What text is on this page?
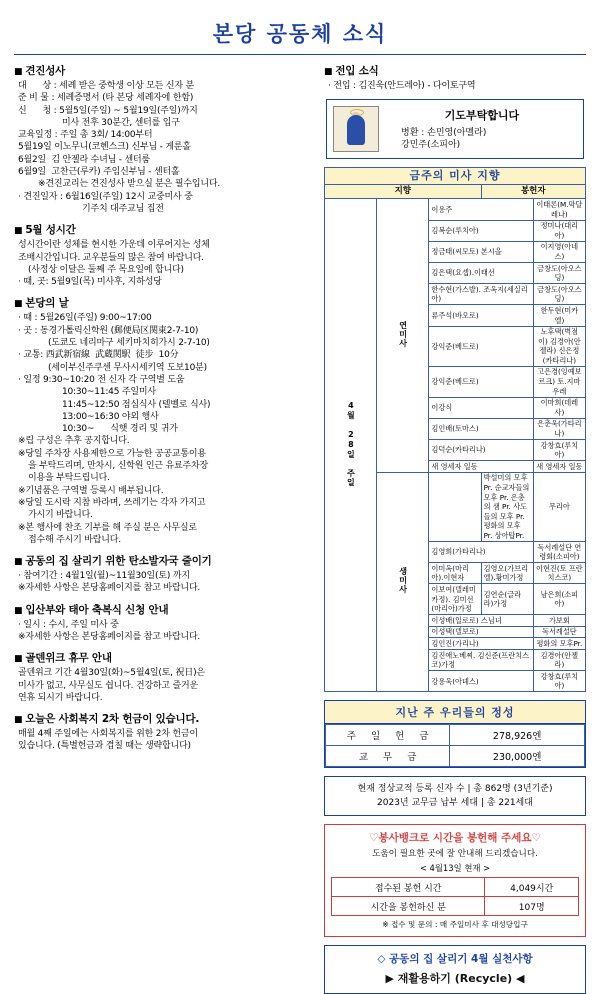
본당 공동체 소식
■ 견진성사
대      상 : 세례 받은 중학생 이상 모든 신자 분
준 비 물 : 세례증명서 (타 본당 세례자에 한함)
신      청 : 5월5일(주일) ~ 5월19일(주일)까지
미사 전후 30분간, 센터를 입구
교육일정 : 주일 총 3회/ 14:00부터
5월19일 이노무니(코헨스크) 신부님 - 게룬홀
6월2일  김 안젤라 수녀님 - 센터룸
6월9일  고찬근(루카) 주임신부님 - 센터홀
※견진교리는 견진성사 받으실 분은 필수입니다.
· 견진일자 : 6월16일(주일) 12시 교중미사 중
기주치 대주교님 집전
■ 5월 성시간
성시간이란 성체를 현시한 가운데 이루어지는 성체
조배시간입니다. 교우분들의 많은 참여 바랍니다.
(사정상 이달은 둘째 주 목요일에 합니다)
· 때, 곳: 5월9일(목) 미사후, 지하성당
■ 본당의 날
· 때 : 5월26일(주일) 9:00~17:00
· 곳 : 동경가톨릭신학원 (郵便局区関東2-7-10)
(도쿄도 네리마구 세키마치히가시 2-7-10)
· 교통: 西武新宿線  武蔵関駅  徒步  10分
(세이부신주쿠센 무사시세키역 도보10분)
· 일정 9:30~10:20 전 신자 각 구역별 도움
10:30~11:45 주일미사
11:45~12:50 점심식사 (텔벨로 식사)
13:00~16:30 야외 행사
10:30~      식햇 경리 및 귀가
※립 구성은 추후 공지합니다.
※당일 주차장 사용제한으로 가능한 공공교통이용
을 부탁드리며, 만차시, 신학원 인근 유료주차장
이용을 부탁드립니다.
※기념품은 구역별 등록시 배부됩니다.
※당일 도시락 지참 바라며, 쓰레기는 각자 가지고
가시기 바랍니다.
※본 행사에 찬조 기부를 해 주실 분은 사무실로
접수해 주시기 바랍니다.
■ 공동의 집 살리기 위한 탄소발자국 줄이기
· 참여기간 : 4월1일(월)~11월30일(토) 까지
※자세한 사항은 본당홈페이지를 참고 바랍니다.
■ 입산부와 태아 축복식 신청 안내
· 일시 : 수시, 주일 미사 중
※자세한 사항은 본당홈페이지를 참고 바랍니다.
■ 골덴위크 휴무 안내
골덴위크 기간 4월30일(화)~5월4일(토, 祝日)은
미사가 없고, 사무실도 쉽니다. 건강하고 즐거운
연휴 되시기 바랍니다.
■ 오늘은 사회복지 2차 헌금이 있습니다.
매월 4째 주일에는 사회복지를 위한 2차 헌금이
있습니다. (특별헌금과 겹칠 때는 생략합니다)
■ 전입 소식
· 전입 : 김진욱(안드레아) - 다이토구역
기도부탁합니다
병환 : 손민영(아멜라)
강민주(소피아)
금주의 미사 지향				
지향			봉헌자	
4월 28일 주일	연미사	이용주		이태론(M.막달레나)
		김복순(루치아)		정미나(대리아)
		정금태(씨모토) 본시을		이지영(아네스)
		김은택(요셉).이태선		금창도(아오스딩)
		한수현(가스발). 조옥지(세실리아)		금창도(아오스딩)
		류주석(바오로)		한두현(미카엘)
		강익준(베드로)		노후택(벽점이) 김경아(안젤라) 신은정(카타리나)
		강익준(베드로)		고은경(잉예보르크) 토.지마우레
		이강식		이마희(데레사)
		김인배(토마스)		은춘욱(가타리나)
		김덕순(카타리나)		강창효(루치아)
		새 영세자 일동		새 영세자 일동
	생미사		박설미의 모후 Pr. 순교자들의 모후 Pr. 은총의 샘 Pr. 사도들의 모후 Pr. 평화의 모후 Pr. 상아탑Pr.	무리아
		김영희(가타리나)		독서례설단 연령회(소피아)
		이미옥(마리아).이현자	김영오(가브리엘).황미가정	이현진(토 프란치스코)
		이보여(델레미카정). 김미선(마리아)가정	김연순(글라라)가정	남은희(소피아)
		이성배(일로로) 스님녀		가보회
		이성택(델보로)		독서례설단
		김인진(가리나)		평화의 모후Pr.
		김진애노베찌. 김신준(프란치스코)가정		김경아(안젤라)
		강용욱(아녜스)		강창효(루치아)
지난 주 우리들의 정성
주 일 헌 금	278,926엔
교 무 금	230,000엔
현재 정상교적 등록 신자 수 | 총 862명 (3년기준)
2023년 교무금 납부 세대 | 총 221세대
♡봉사뱅크로 시간을 봉헌해 주세요♡
도움이 필요한 곳에 잘 안내해 드리겠습니다.
< 4월13일 현재 >
접수된 봉헌 시간	4,049시간
시간을 봉헌하신 분	107명
※ 접수 및 문의 : 매 주일미사 후 대성당입구
◇ 공동의 집 살리기 4월 실천사항
▶ 재활용하기 (Recycle) ◀
